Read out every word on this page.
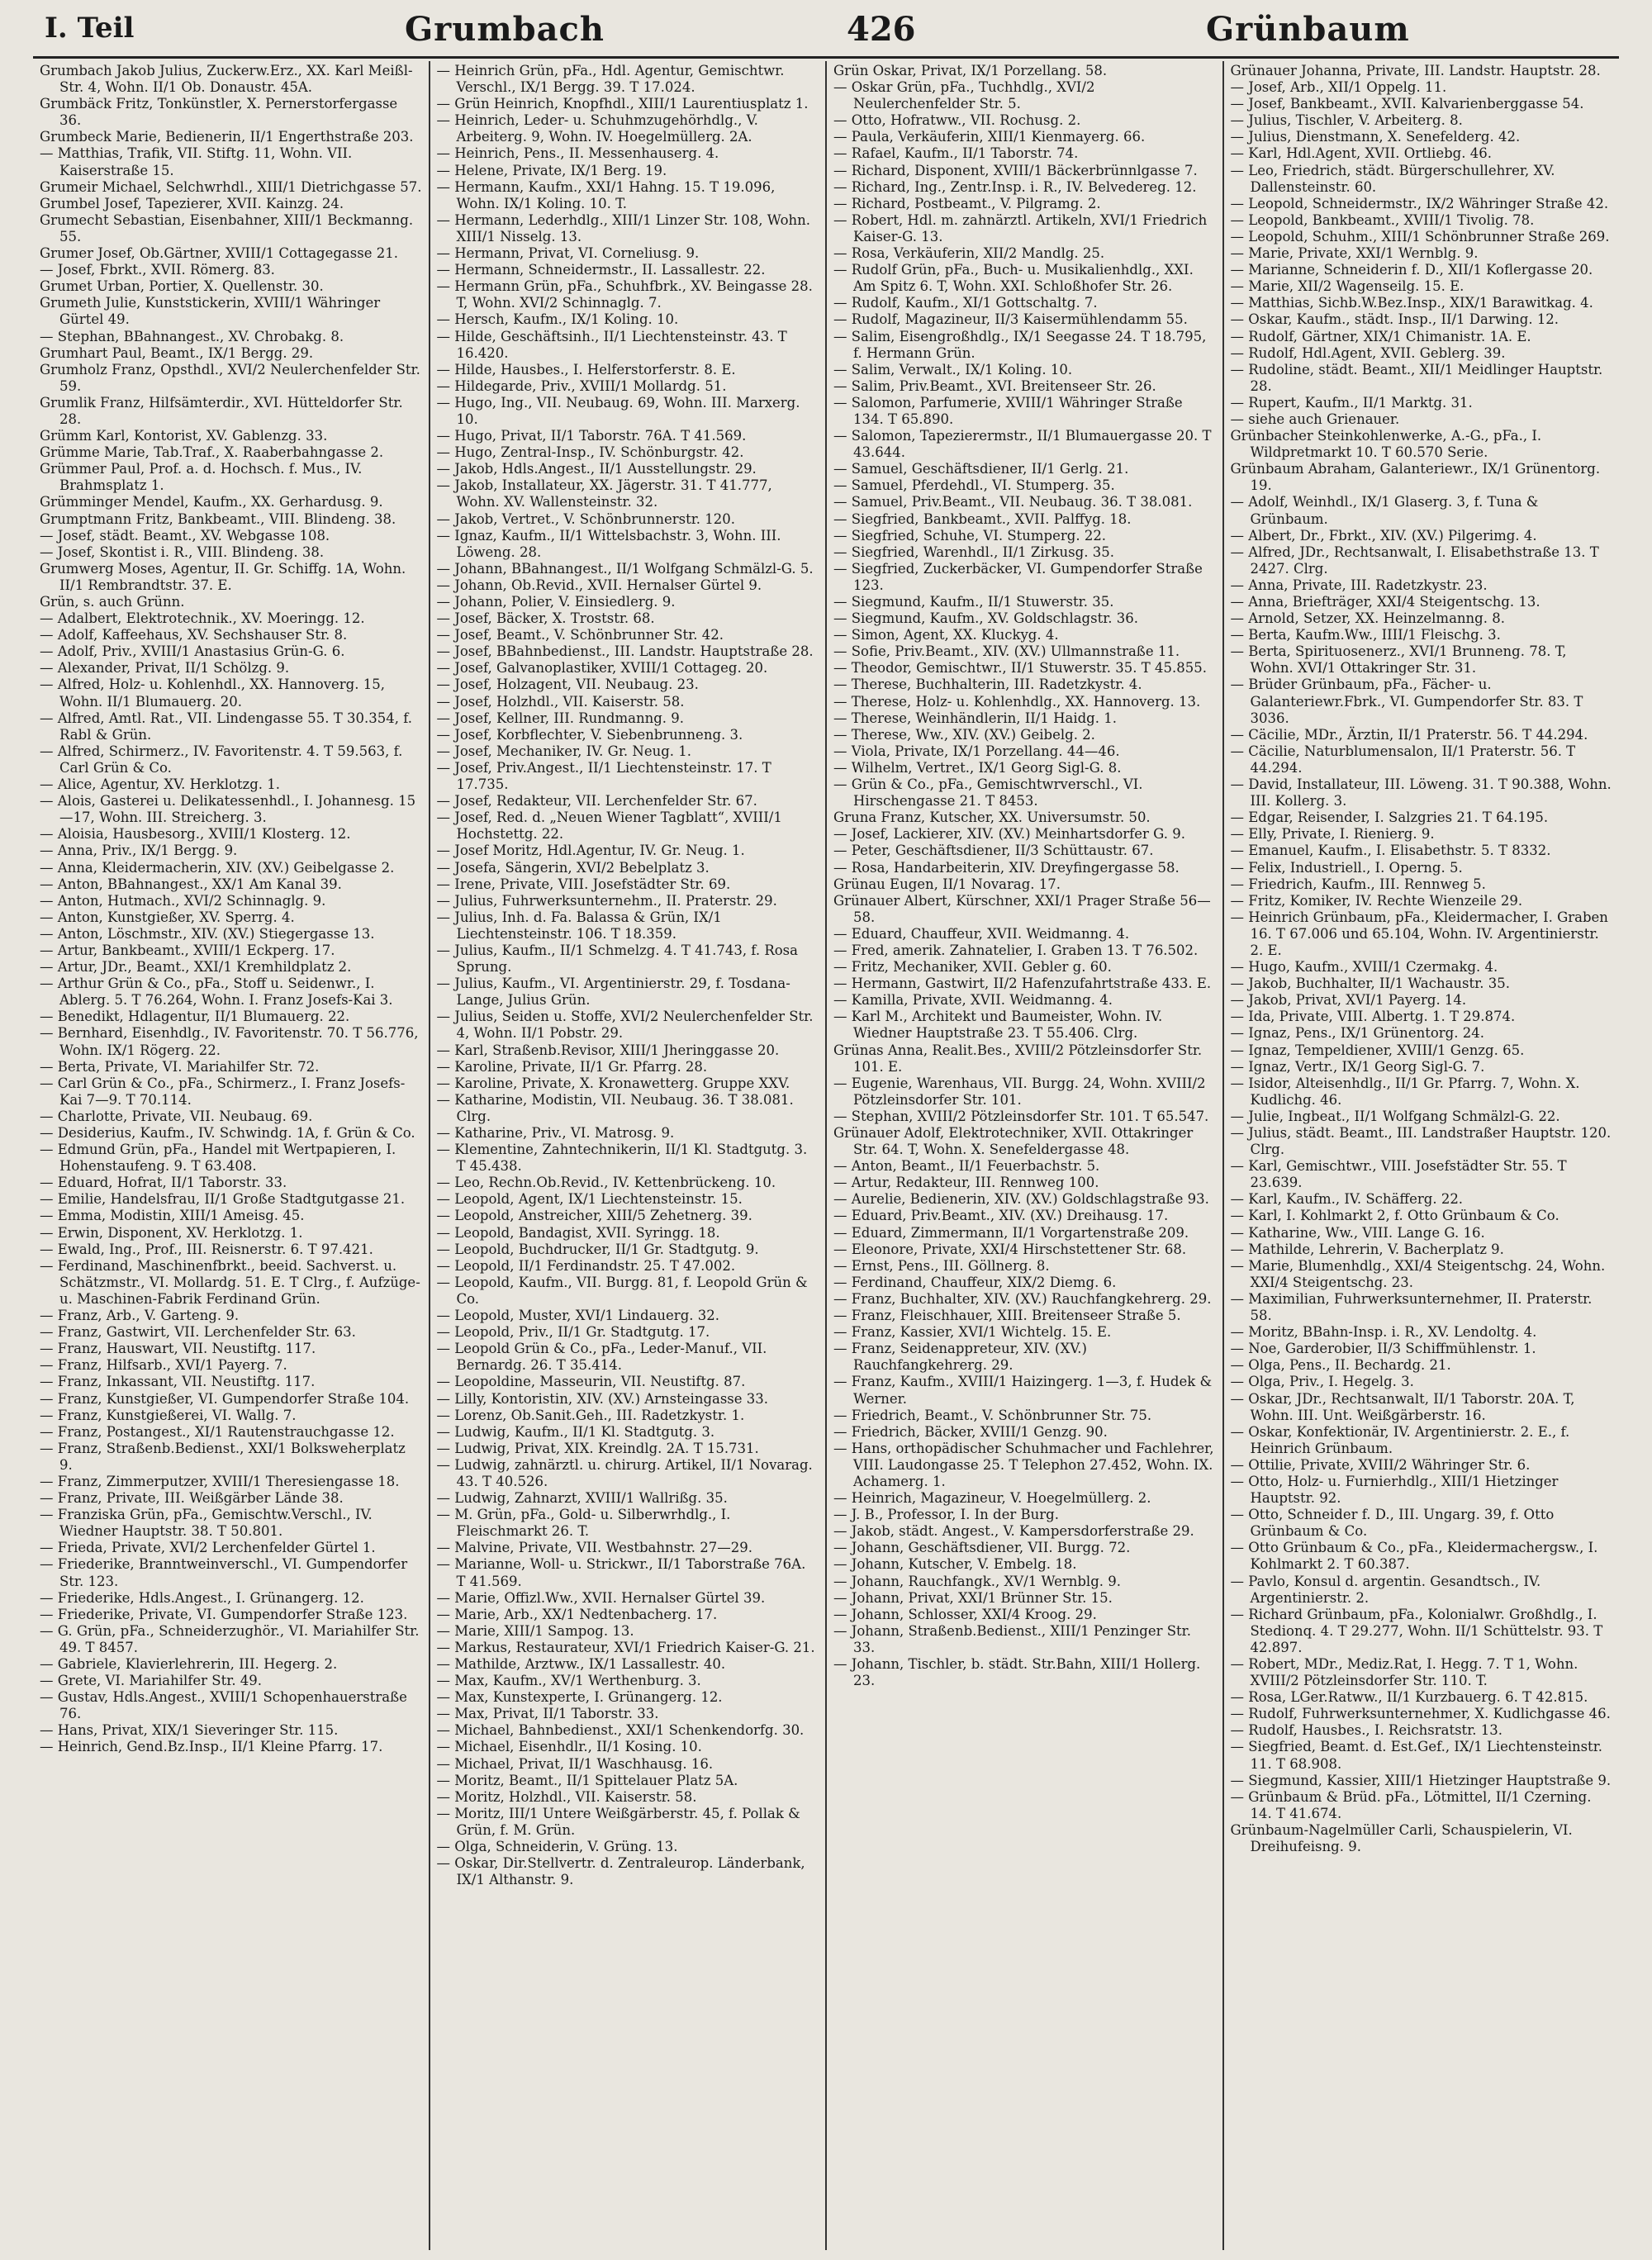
I. Teil	Grumbach	426	Grünbaum
Grumbach Jakob Julius, Zuckerw.Erz., XX. Karl Meißl-Str. 4, Wohn. II/1 Ob. Donaustr. 45A.
Grumbäck Fritz, Tonkünstler, X. Pernerstorfergasse 36.
Grumbeck Marie, Bedienerin, II/1 Engerthstraße 203.
— Matthias, Trafik, VII. Stiftg. 11, Wohn. VII. Kaiserstraße 15.
Grumeir Michael, Selchwrhdl., XIII/1 Dietrichgasse 57.
Grumbel Josef, Tapezierer, XVII. Kainzg. 24.
Grumecht Sebastian, Eisenbahner, XIII/1 Beckmanng. 55.
Grumer Josef, Ob.Gärtner, XVIII/1 Cottagegasse 21.
— Josef, Fbrkt., XVII. Römerg. 83.
Grumet Urban, Portier, X. Quellenstr. 30.
Grumeth Julie, Kunststickerin, XVIII/1 Währinger Gürtel 49.
— Stephan, BBahnangest., XV. Chrobakg. 8.
Grumhart Paul, Beamt., IX/1 Bergg. 29.
Grumholz Franz, Opsthdl., XVI/2 Neulerchenfelder Str. 59.
Grumlik Franz, Hilfsämterdir., XVI. Hütteldorfer Str. 28.
Grümm Karl, Kontorist, XV. Gablenzg. 33.
Grümme Marie, Tab.Traf., X. Raaberbahngasse 2.
Grümmer Paul, Prof. a. d. Hochsch. f. Mus., IV. Brahmsplatz 1.
Grümminger Mendel, Kaufm., XX. Gerhardusg. 9.
Grumptmann Fritz, Bankbeamt., VIII. Blindeng. 38.
— Josef, städt. Beamt., XV. Webgasse 108.
— Josef, Skontist i. R., VIII. Blindeng. 38.
Grumwerg Moses, Agentur, II. Gr. Schiffg. 1A, Wohn. II/1 Rembrandtstr. 37. E.
Grün, s. auch Grünn.
— Adalbert, Elektrotechnik., XV. Moeringg. 12.
— Adolf, Kaffeehaus, XV. Sechshauser Str. 8.
— Adolf, Priv., XVIII/1 Anastasius Grün-G. 6.
— Alexander, Privat, II/1 Schölzg. 9.
— Alfred, Holz- u. Kohlenhdl., XX. Hannoverg. 15, Wohn. II/1 Blumauerg. 20.
— Alfred, Amtl. Rat., VII. Lindengasse 55. T 30.354, f. Rabl & Grün.
— Alfred, Schirmerz., IV. Favoritenstr. 4. T 59.563, f. Carl Grün & Co.
— Alice, Agentur, XV. Herklotzg. 1.
— Alois, Gasterei u. Delikatessenhdl., I. Johannesg. 15—17, Wohn. III. Streicherg. 3.
— Aloisia, Hausbesorg., XVIII/1 Klosterg. 12.
— Anna, Priv., IX/1 Bergg. 9.
— Anna, Kleidermacherin, XIV. (XV.) Geibelgasse 2.
— Anton, BBahnangest., XX/1 Am Kanal 39.
— Anton, Hutmach., XVI/2 Schinnaglg. 9.
— Anton, Kunstgießer, XV. Sperrg. 4.
— Anton, Löschmstr., XIV. (XV.) Stiegergasse 13.
— Artur, Bankbeamt., XVIII/1 Eckperg. 17.
— Artur, JDr., Beamt., XXI/1 Kremhildplatz 2.
— Arthur Grün & Co., pFa., Stoff u. Seidenwr., I. Ablerg. 5. T 76.264, Wohn. I. Franz Josefs-Kai 3.
— Benedikt, Hdlagentur, II/1 Blumauerg. 22.
— Bernhard, Eisenhdlg., IV. Favoritenstr. 70. T 56.776, Wohn. IX/1 Rögerg. 22.
— Berta, Private, VI. Mariahilfer Str. 72.
— Carl Grün & Co., pFa., Schirmerz., I. Franz Josefs-Kai 7—9. T 70.114.
— Charlotte, Private, VII. Neubaug. 69.
— Desiderius, Kaufm., IV. Schwindg. 1A, f. Grün & Co.
— Edmund Grün, pFa., Handel mit Wertpapieren, I. Hohenstaufeng. 9. T 63.408.
— Eduard, Hofrat, II/1 Taborstr. 33.
— Emilie, Handelsfrau, II/1 Große Stadtgutgasse 21.
— Emma, Modistin, XIII/1 Ameisg. 45.
— Erwin, Disponent, XV. Herklotzg. 1.
— Ewald, Ing., Prof., III. Reisnerstr. 6. T 97.421.
— Ferdinand, Maschinenfbrkt., beeid. Sachverst. u. Schätzmstr., VI. Mollardg. 51. E. T Clrg., f. Aufzüge- u. Maschinen-Fabrik Ferdinand Grün.
— Franz, Arb., V. Garteng. 9.
— Franz, Gastwirt, VII. Lerchenfelder Str. 63.
— Franz, Hauswart, VII. Neustiftg. 117.
— Franz, Hilfsarb., XVI/1 Payerg. 7.
— Franz, Inkassant, VII. Neustiftg. 117.
— Franz, Kunstgießer, VI. Gumpendorfer Straße 104.
— Franz, Kunstgießerei, VI. Wallg. 7.
— Franz, Postangest., XI/1 Rautenstrauchgasse 12.
— Franz, Straßenb.Bedienst., XXI/1 Bolksweherplatz 9.
— Franz, Zimmerputzer, XVIII/1 Theresiengasse 18.
— Franz, Private, III. Weißgärber Lände 38.
— Franziska Grün, pFa., Gemischtw.Verschl., IV. Wiedner Hauptstr. 38. T 50.801.
— Frieda, Private, XVI/2 Lerchenfelder Gürtel 1.
— Friederike, Branntweinverschl., VI. Gumpendorfer Str. 123.
— Friederike, Hdls.Angest., I. Grünangerg. 12.
— Friederike, Private, VI. Gumpendorfer Straße 123.
— G. Grün, pFa., Schneiderzughör., VI. Mariahilfer Str. 49. T 8457.
— Gabriele, Klavierlehrerin, III. Hegerg. 2.
— Grete, VI. Mariahilfer Str. 49.
— Gustav, Hdls.Angest., XVIII/1 Schopenhauerstraße 76.
— Hans, Privat, XIX/1 Sieveringer Str. 115.
— Heinrich, Gend.Bz.Insp., II/1 Kleine Pfarrg. 17.
— Heinrich Grün, pFa., Hdl. Agentur, Gemischtwr. Verschl., IX/1 Bergg. 39. T 17.024.
— Grün Heinrich, Knopfhdl., XIII/1 Laurentiusplatz 1.
— Heinrich, Leder- u. Schuhmzugehörhdlg., V. Arbeiterg. 9, Wohn. IV. Hoegelmüllerg. 2A.
— Heinrich, Pens., II. Messenhauserg. 4.
— Helene, Private, IX/1 Berg. 19.
— Hermann, Kaufm., XXI/1 Hahng. 15. T 19.096, Wohn. IX/1 Koling. 10. T.
— Hermann, Lederhdlg., XIII/1 Linzer Str. 108, Wohn. XIII/1 Nisselg. 13.
— Hermann, Privat, VI. Corneliusg. 9.
— Hermann, Schneidermstr., II. Lassallestr. 22.
— Hermann Grün, pFa., Schuhfbrk., XV. Beingasse 28. T, Wohn. XVI/2 Schinnaglg. 7.
— Hersch, Kaufm., IX/1 Koling. 10.
— Hilde, Geschäftsinh., II/1 Liechtensteinstr. 43. T 16.420.
— Hilde, Hausbes., I. Helferstorferstr. 8. E.
— Hildegarde, Priv., XVIII/1 Mollardg. 51.
— Hugo, Ing., VII. Neubaug. 69, Wohn. III. Marxerg. 10.
— Hugo, Privat, II/1 Taborstr. 76A. T 41.569.
— Hugo, Zentral-Insp., IV. Schönburgstr. 42.
— Jakob, Hdls.Angest., II/1 Ausstellungstr. 29.
— Jakob, Installateur, XX. Jägerstr. 31. T 41.777, Wohn. XV. Wallensteinstr. 32.
— Jakob, Vertret., V. Schönbrunnerstr. 120.
— Ignaz, Kaufm., II/1 Wittelsbachstr. 3, Wohn. III. Löweng. 28.
— Johann, BBahnangest., II/1 Wolfgang Schmälzl-G. 5.
— Johann, Ob.Revid., XVII. Hernalser Gürtel 9.
— Johann, Polier, V. Einsiedlerg. 9.
— Josef, Bäcker, X. Troststr. 68.
— Josef, Beamt., V. Schönbrunner Str. 42.
— Josef, BBahnbedienst., III. Landstr. Hauptstraße 28.
— Josef, Galvanoplastiker, XVIII/1 Cottageg. 20.
— Josef, Holzagent, VII. Neubaug. 23.
— Josef, Holzhdl., VII. Kaiserstr. 58.
— Josef, Kellner, III. Rundmanng. 9.
— Josef, Korbflechter, V. Siebenbrunneng. 3.
— Josef, Mechaniker, IV. Gr. Neug. 1.
— Josef, Priv.Angest., II/1 Liechtensteinstr. 17. T 17.735.
— Josef, Redakteur, VII. Lerchenfelder Str. 67.
— Josef, Red. d. „Neuen Wiener Tagblatt“, XVIII/1 Hochstettg. 22.
— Josef Moritz, Hdl.Agentur, IV. Gr. Neug. 1.
— Josefa, Sängerin, XVI/2 Bebelplatz 3.
— Irene, Private, VIII. Josefstädter Str. 69.
— Julius, Fuhrwerksunternehm., II. Praterstr. 29.
— Julius, Inh. d. Fa. Balassa & Grün, IX/1 Liechtensteinstr. 106. T 18.359.
— Julius, Kaufm., II/1 Schmelzg. 4. T 41.743, f. Rosa Sprung.
— Julius, Kaufm., VI. Argentinierstr. 29, f. Tosdana-Lange, Julius Grün.
— Julius, Seiden u. Stoffe, XVI/2 Neulerchenfelder Str. 4, Wohn. II/1 Pobstr. 29.
— Karl, Straßenb.Revisor, XIII/1 Jheringgasse 20.
— Karoline, Private, II/1 Gr. Pfarrg. 28.
— Karoline, Private, X. Kronawetterg. Gruppe XXV.
— Katharine, Modistin, VII. Neubaug. 36. T 38.081. Clrg.
— Katharine, Priv., VI. Matrosg. 9.
— Klementine, Zahntechnikerin, II/1 Kl. Stadtgutg. 3. T 45.438.
— Leo, Rechn.Ob.Revid., IV. Kettenbrückeng. 10.
— Leopold, Agent, IX/1 Liechtensteinstr. 15.
— Leopold, Anstreicher, XIII/5 Zehetnerg. 39.
— Leopold, Bandagist, XVII. Syringg. 18.
— Leopold, Buchdrucker, II/1 Gr. Stadtgutg. 9.
— Leopold, II/1 Ferdinandstr. 25. T 47.002.
— Leopold, Kaufm., VII. Burgg. 81, f. Leopold Grün & Co.
— Leopold, Muster, XVI/1 Lindauerg. 32.
— Leopold, Priv., II/1 Gr. Stadtgutg. 17.
— Leopold Grün & Co., pFa., Leder-Manuf., VII. Bernardg. 26. T 35.414.
— Leopoldine, Masseurin, VII. Neustiftg. 87.
— Lilly, Kontoristin, XIV. (XV.) Arnsteingasse 33.
— Lorenz, Ob.Sanit.Geh., III. Radetzkystr. 1.
— Ludwig, Kaufm., II/1 Kl. Stadtgutg. 3.
— Ludwig, Privat, XIX. Kreindlg. 2A. T 15.731.
— Ludwig, zahnärztl. u. chirurg. Artikel, II/1 Novarag. 43. T 40.526.
— Ludwig, Zahnarzt, XVIII/1 Wallrißg. 35.
— M. Grün, pFa., Gold- u. Silberwrhdlg., I. Fleischmarkt 26. T.
— Malvine, Private, VII. Westbahnstr. 27—29.
— Marianne, Woll- u. Strickwr., II/1 Taborstraße 76A. T 41.569.
— Marie, Offizl.Ww., XVII. Hernalser Gürtel 39.
— Marie, Arb., XX/1 Nedtenbacherg. 17.
— Marie, XIII/1 Sampog. 13.
— Markus, Restaurateur, XVI/1 Friedrich Kaiser-G. 21.
— Mathilde, Arztww., IX/1 Lassallestr. 40.
— Max, Kaufm., XV/1 Werthenburg. 3.
— Max, Kunstexperte, I. Grünangerg. 12.
— Max, Privat, II/1 Taborstr. 33.
— Michael, Bahnbedienst., XXI/1 Schenkendorfg. 30.
— Michael, Eisenhdlr., II/1 Kosing. 10.
— Michael, Privat, II/1 Waschhausg. 16.
— Moritz, Beamt., II/1 Spittelauer Platz 5A.
— Moritz, Holzhdl., VII. Kaiserstr. 58.
— Moritz, III/1 Untere Weißgärberstr. 45, f. Pollak & Grün, f. M. Grün.
— Olga, Schneiderin, V. Grüng. 13.
— Oskar, Dir.Stellvertr. d. Zentraleurop. Länderbank, IX/1 Althanstr. 9.
Grün Oskar, Privat, IX/1 Porzellang. 58.
— Oskar Grün, pFa., Tuchhdlg., XVI/2 Neulerchenfelder Str. 5.
— Otto, Hofratww., VII. Rochusg. 2.
— Paula, Verkäuferin, XIII/1 Kienmayerg. 66.
— Rafael, Kaufm., II/1 Taborstr. 74.
— Richard, Disponent, XVIII/1 Bäckerbrünnlgasse 7.
— Richard, Ing., Zentr.Insp. i. R., IV. Belvedereg. 12.
— Richard, Postbeamt., V. Pilgramg. 2.
— Robert, Hdl. m. zahnärztl. Artikeln, XVI/1 Friedrich Kaiser-G. 13.
— Rosa, Verkäuferin, XII/2 Mandlg. 25.
— Rudolf Grün, pFa., Buch- u. Musikalienhdlg., XXI. Am Spitz 6. T, Wohn. XXI. Schloßhofer Str. 26.
— Rudolf, Kaufm., XI/1 Gottschaltg. 7.
— Rudolf, Magazineur, II/3 Kaisermühlendamm 55.
— Salim, Eisengroßhdlg., IX/1 Seegasse 24. T 18.795, f. Hermann Grün.
— Salim, Verwalt., IX/1 Koling. 10.
— Salim, Priv.Beamt., XVI. Breitenseer Str. 26.
— Salomon, Parfumerie, XVIII/1 Währinger Straße 134. T 65.890.
— Salomon, Tapezierermstr., II/1 Blumauergasse 20. T 43.644.
— Samuel, Geschäftsdiener, II/1 Gerlg. 21.
— Samuel, Pferdehdl., VI. Stumperg. 35.
— Samuel, Priv.Beamt., VII. Neubaug. 36. T 38.081.
— Siegfried, Bankbeamt., XVII. Palffyg. 18.
— Siegfried, Schuhe, VI. Stumperg. 22.
— Siegfried, Warenhdl., II/1 Zirkusg. 35.
— Siegfried, Zuckerbäcker, VI. Gumpendorfer Straße 123.
— Siegmund, Kaufm., II/1 Stuwerstr. 35.
— Siegmund, Kaufm., XV. Goldschlagstr. 36.
— Simon, Agent, XX. Kluckyg. 4.
— Sofie, Priv.Beamt., XIV. (XV.) Ullmannstraße 11.
— Theodor, Gemischtwr., II/1 Stuwerstr. 35. T 45.855.
— Therese, Buchhalterin, III. Radetzkystr. 4.
— Therese, Holz- u. Kohlenhdlg., XX. Hannoverg. 13.
— Therese, Weinhändlerin, II/1 Haidg. 1.
— Therese, Ww., XIV. (XV.) Geibelg. 2.
— Viola, Private, IX/1 Porzellang. 44—46.
— Wilhelm, Vertret., IX/1 Georg Sigl-G. 8.
— Grün & Co., pFa., Gemischtwrverschl., VI. Hirschengasse 21. T 8453.
Gruna Franz, Kutscher, XX. Universumstr. 50.
— Josef, Lackierer, XIV. (XV.) Meinhartsdorfer G. 9.
— Peter, Geschäftsdiener, II/3 Schüttaustr. 67.
— Rosa, Handarbeiterin, XIV. Dreyfingergasse 58.
Grünau Eugen, II/1 Novarag. 17.
Grünauer Albert, Kürschner, XXI/1 Prager Straße 56—58.
— Eduard, Chauffeur, XVII. Weidmanng. 4.
— Fred, amerik. Zahnatelier, I. Graben 13. T 76.502.
— Fritz, Mechaniker, XVII. Gebler g. 60.
— Hermann, Gastwirt, II/2 Hafenzufahrtstraße 433. E.
— Kamilla, Private, XVII. Weidmanng. 4.
— Karl M., Architekt und Baumeister, Wohn. IV. Wiedner Hauptstraße 23. T 55.406. Clrg.
Grünas Anna, Realit.Bes., XVIII/2 Pötzleinsdorfer Str. 101. E.
— Eugenie, Warenhaus, VII. Burgg. 24, Wohn. XVIII/2 Pötzleinsdorfer Str. 101.
— Stephan, XVIII/2 Pötzleinsdorfer Str. 101. T 65.547.
Grünauer Adolf, Elektrotechniker, XVII. Ottakringer Str. 64. T, Wohn. X. Senefeldergasse 48.
— Anton, Beamt., II/1 Feuerbachstr. 5.
— Artur, Redakteur, III. Rennweg 100.
— Aurelie, Bedienerin, XIV. (XV.) Goldschlagstraße 93.
— Eduard, Priv.Beamt., XIV. (XV.) Dreihausg. 17.
— Eduard, Zimmermann, II/1 Vorgartenstraße 209.
— Eleonore, Private, XXI/4 Hirschstettener Str. 68.
— Ernst, Pens., III. Göllnerg. 8.
— Ferdinand, Chauffeur, XIX/2 Diemg. 6.
— Franz, Buchhalter, XIV. (XV.) Rauchfangkehrerg. 29.
— Franz, Fleischhauer, XIII. Breitenseer Straße 5.
— Franz, Kassier, XVI/1 Wichtelg. 15. E.
— Franz, Seidenappreteur, XIV. (XV.) Rauchfangkehrerg. 29.
— Franz, Kaufm., XVIII/1 Haizingerg. 1—3, f. Hudek & Werner.
— Friedrich, Beamt., V. Schönbrunner Str. 75.
— Friedrich, Bäcker, XVIII/1 Genzg. 90.
— Hans, orthopädischer Schuhmacher und Fachlehrer, VIII. Laudongasse 25. T Telephon 27.452, Wohn. IX. Achamerg. 1.
— Heinrich, Magazineur, V. Hoegelmüllerg. 2.
— J. B., Professor, I. In der Burg.
— Jakob, städt. Angest., V. Kampersdorferstraße 29.
— Johann, Geschäftsdiener, VII. Burgg. 72.
— Johann, Kutscher, V. Embelg. 18.
— Johann, Rauchfangk., XV/1 Wernblg. 9.
— Johann, Privat, XXI/1 Brünner Str. 15.
— Johann, Schlosser, XXI/4 Kroog. 29.
— Johann, Straßenb.Bedienst., XIII/1 Penzinger Str. 33.
— Johann, Tischler, b. städt. Str.Bahn, XIII/1 Hollerg. 23.
Grünauer Johanna, Private, III. Landstr. Hauptstr. 28.
— Josef, Arb., XII/1 Oppelg. 11.
— Josef, Bankbeamt., XVII. Kalvarienberggasse 54.
— Julius, Tischler, V. Arbeiterg. 8.
— Julius, Dienstmann, X. Senefelderg. 42.
— Karl, Hdl.Agent, XVII. Ortliebg. 46.
— Leo, Friedrich, städt. Bürgerschullehrer, XV. Dallensteinstr. 60.
— Leopold, Schneidermstr., IX/2 Währinger Straße 42.
— Leopold, Bankbeamt., XVIII/1 Tivolig. 78.
— Leopold, Schuhm., XIII/1 Schönbrunner Straße 269.
— Marie, Private, XXI/1 Wernblg. 9.
— Marianne, Schneiderin f. D., XII/1 Koflergasse 20.
— Marie, XII/2 Wagenseilg. 15. E.
— Matthias, Sichb.W.Bez.Insp., XIX/1 Barawitkag. 4.
— Oskar, Kaufm., städt. Insp., II/1 Darwing. 12.
— Rudolf, Gärtner, XIX/1 Chimanistr. 1A. E.
— Rudolf, Hdl.Agent, XVII. Geblerg. 39.
— Rudoline, städt. Beamt., XII/1 Meidlinger Hauptstr. 28.
— Rupert, Kaufm., II/1 Marktg. 31.
— siehe auch Grienauer.
Grünbacher Steinkohlenwerke, A.-G., pFa., I. Wildpretmarkt 10. T 60.570 Serie.
Grünbaum Abraham, Galanteriewr., IX/1 Grünentorg. 19.
— Adolf, Weinhdl., IX/1 Glaserg. 3, f. Tuna & Grünbaum.
— Albert, Dr., Fbrkt., XIV. (XV.) Pilgerimg. 4.
— Alfred, JDr., Rechtsanwalt, I. Elisabethstraße 13. T 2427. Clrg.
— Anna, Private, III. Radetzkystr. 23.
— Anna, Briefträger, XXI/4 Steigentschg. 13.
— Arnold, Setzer, XX. Heinzelmanng. 8.
— Berta, Kaufm.Ww., IIII/1 Fleischg. 3.
— Berta, Spirituosenerz., XVI/1 Brunneng. 78. T, Wohn. XVI/1 Ottakringer Str. 31.
— Brüder Grünbaum, pFa., Fächer- u. Galanteriewr.Fbrk., VI. Gumpendorfer Str. 83. T 3036.
— Cäcilie, MDr., Ärztin, II/1 Praterstr. 56. T 44.294.
— Cäcilie, Naturblumensalon, II/1 Praterstr. 56. T 44.294.
— David, Installateur, III. Löweng. 31. T 90.388, Wohn. III. Kollerg. 3.
— Edgar, Reisender, I. Salzgries 21. T 64.195.
— Elly, Private, I. Rienierg. 9.
— Emanuel, Kaufm., I. Elisabethstr. 5. T 8332.
— Felix, Industriell., I. Operng. 5.
— Friedrich, Kaufm., III. Rennweg 5.
— Fritz, Komiker, IV. Rechte Wienzeile 29.
— Heinrich Grünbaum, pFa., Kleidermacher, I. Graben 16. T 67.006 und 65.104, Wohn. IV. Argentinierstr. 2. E.
— Hugo, Kaufm., XVIII/1 Czermakg. 4.
— Jakob, Buchhalter, II/1 Wachaustr. 35.
— Jakob, Privat, XVI/1 Payerg. 14.
— Ida, Private, VIII. Albertg. 1. T 29.874.
— Ignaz, Pens., IX/1 Grünentorg. 24.
— Ignaz, Tempeldiener, XVIII/1 Genzg. 65.
— Ignaz, Vertr., IX/1 Georg Sigl-G. 7.
— Isidor, Alteisenhdlg., II/1 Gr. Pfarrg. 7, Wohn. X. Kudlichg. 46.
— Julie, Ingbeat., II/1 Wolfgang Schmälzl-G. 22.
— Julius, städt. Beamt., III. Landstraßer Hauptstr. 120. Clrg.
— Karl, Gemischtwr., VIII. Josefstädter Str. 55. T 23.639.
— Karl, Kaufm., IV. Schäfferg. 22.
— Karl, I. Kohlmarkt 2, f. Otto Grünbaum & Co.
— Katharine, Ww., VIII. Lange G. 16.
— Mathilde, Lehrerin, V. Bacherplatz 9.
— Marie, Blumenhdlg., XXI/4 Steigentschg. 24, Wohn. XXI/4 Steigentschg. 23.
— Maximilian, Fuhrwerksunternehmer, II. Praterstr. 58.
— Moritz, BBahn-Insp. i. R., XV. Lendoltg. 4.
— Noe, Garderobier, II/3 Schiffmühlenstr. 1.
— Olga, Pens., II. Bechardg. 21.
— Olga, Priv., I. Hegelg. 3.
— Oskar, JDr., Rechtsanwalt, II/1 Taborstr. 20A. T, Wohn. III. Unt. Weißgärberstr. 16.
— Oskar, Konfektionär, IV. Argentinierstr. 2. E., f. Heinrich Grünbaum.
— Ottilie, Private, XVIII/2 Währinger Str. 6.
— Otto, Holz- u. Furnierhdlg., XIII/1 Hietzinger Hauptstr. 92.
— Otto, Schneider f. D., III. Ungarg. 39, f. Otto Grünbaum & Co.
— Otto Grünbaum & Co., pFa., Kleidermachergsw., I. Kohlmarkt 2. T 60.387.
— Pavlo, Konsul d. argentin. Gesandtsch., IV. Argentinierstr. 2.
— Richard Grünbaum, pFa., Kolonialwr. Großhdlg., I. Stedionq. 4. T 29.277, Wohn. II/1 Schüttelstr. 93. T 42.897.
— Robert, MDr., Mediz.Rat, I. Hegg. 7. T 1, Wohn. XVIII/2 Pötzleinsdorfer Str. 110. T.
— Rosa, LGer.Ratww., II/1 Kurzbauerg. 6. T 42.815.
— Rudolf, Fuhrwerksunternehmer, X. Kudlichgasse 46.
— Rudolf, Hausbes., I. Reichsratstr. 13.
— Siegfried, Beamt. d. Est.Gef., IX/1 Liechtensteinstr. 11. T 68.908.
— Siegmund, Kassier, XIII/1 Hietzinger Hauptstraße 9.
— Grünbaum & Brüd. pFa., Lötmittel, II/1 Czerning. 14. T 41.674.
Grünbaum-Nagelmüller Carli, Schauspielerin, VI. Dreihufeisng. 9.
